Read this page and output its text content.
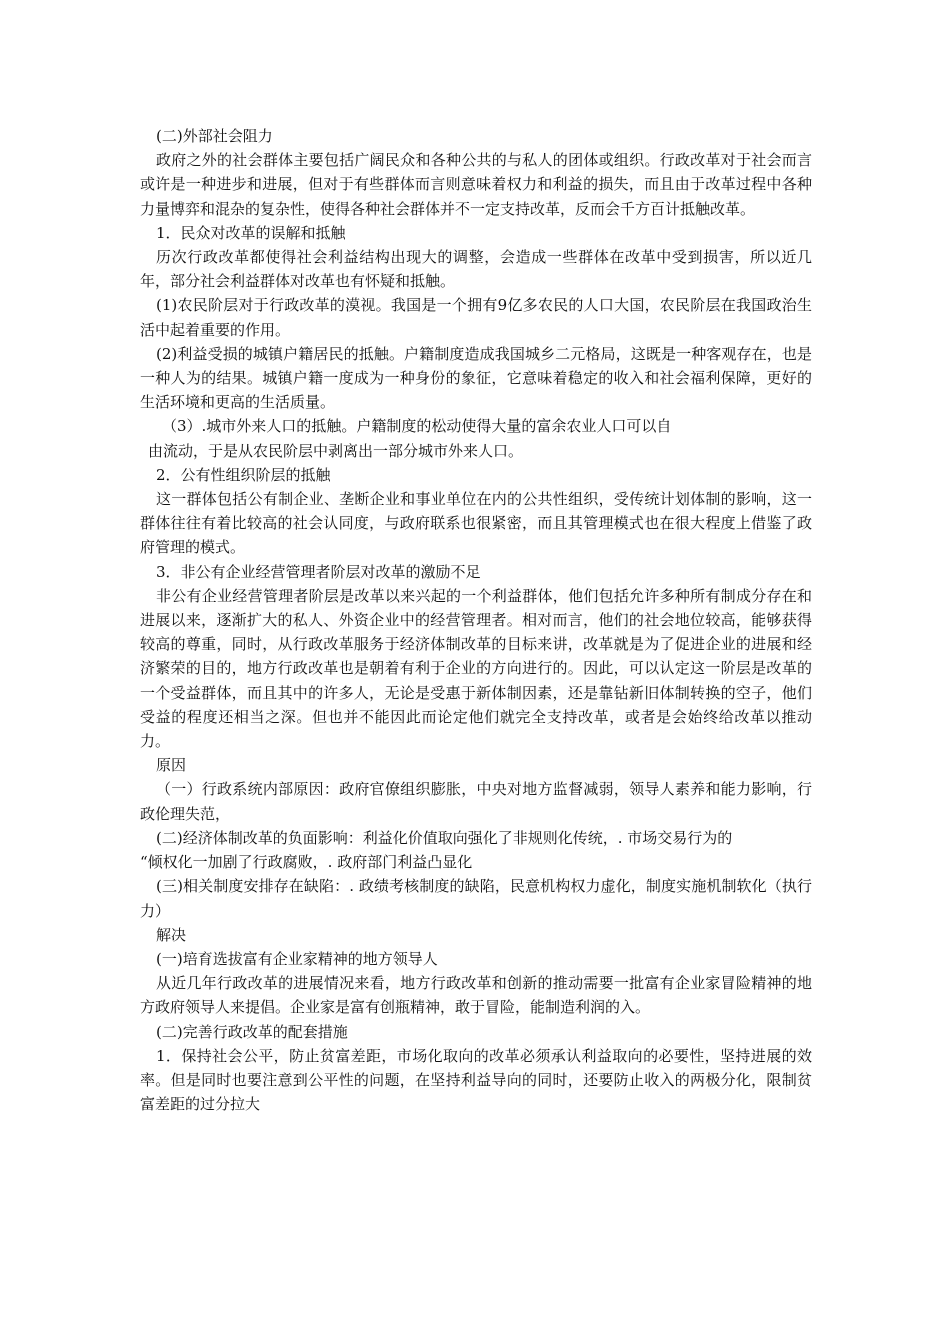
(二)外部社会阻力

政府之外的社会群体主要包括广阔民众和各种公共的与私人的团体或组织。行政改革对于社会而言或许是一种进步和进展，但对于有些群体而言则意味着权力和利益的损失，而且由于改革过程中各种力量博弈和混杂的复杂性，使得各种社会群体并不一定支持改革，反而会千方百计抵触改革。

1．民众对改革的误解和抵触

历次行政改革都使得社会利益结构出现大的调整，会造成一些群体在改革中受到损害，所以近几年，部分社会利益群体对改革也有怀疑和抵触。

(1)农民阶层对于行政改革的漠视。我国是一个拥有9亿多农民的人口大国，农民阶层在我国政治生活中起着重要的作用。

(2)利益受损的城镇户籍居民的抵触。户籍制度造成我国城乡二元格局，这既是一种客观存在，也是一种人为的结果。城镇户籍一度成为一种身份的象征，它意味着稳定的收入和社会福利保障，更好的生活环境和更高的生活质量。

（3）.城市外来人口的抵触。户籍制度的松动使得大量的富余农业人口可以自

由流动，于是从农民阶层中剥离出一部分城市外来人口。

2．公有性组织阶层的抵触

这一群体包括公有制企业、垄断企业和事业单位在内的公共性组织，受传统计划体制的影响，这一群体往往有着比较高的社会认同度，与政府联系也很紧密，而且其管理模式也在很大程度上借鉴了政府管理的模式。

3．非公有企业经营管理者阶层对改革的激励不足

非公有企业经营管理者阶层是改革以来兴起的一个利益群体，他们包括允许多种所有制成分存在和进展以来，逐渐扩大的私人、外资企业中的经营管理者。相对而言，他们的社会地位较高，能够获得较高的尊重，同时，从行政改革服务于经济体制改革的目标来讲，改革就是为了促进企业的进展和经济繁荣的目的，地方行政改革也是朝着有利于企业的方向进行的。因此，可以认定这一阶层是改革的一个受益群体，而且其中的许多人，无论是受惠于新体制因素，还是靠钻新旧体制转换的空子，他们受益的程度还相当之深。但也并不能因此而论定他们就完全支持改革，或者是会始终给改革以推动力。

原因

（一）行政系统内部原因：政府官僚组织膨胀，中央对地方监督减弱，领导人素养和能力影响，行政伦理失范，

(二)经济体制改革的负面影响：利益化价值取向强化了非规则化传统，. 市场交易行为的

“倾权化一加剧了行政腐败，. 政府部门利益凸显化

(三)相关制度安排存在缺陷：. 政绩考核制度的缺陷，民意机构权力虚化，制度实施机制软化（执行力）

解决

(一)培育选拔富有企业家精神的地方领导人

从近几年行政改革的进展情况来看，地方行政改革和创新的推动需要一批富有企业家冒险精神的地方政府领导人来提倡。企业家是富有创瓶精神，敢于冒险，能制造利润的入。

(二)完善行政改革的配套措施

1．保持社会公平，防止贫富差距，市场化取向的改革必须承认利益取向的必要性，坚持进展的效率。但是同时也要注意到公平性的问题，在坚持利益导向的同时，还要防止收入的两极分化，限制贫富差距的过分拉大
